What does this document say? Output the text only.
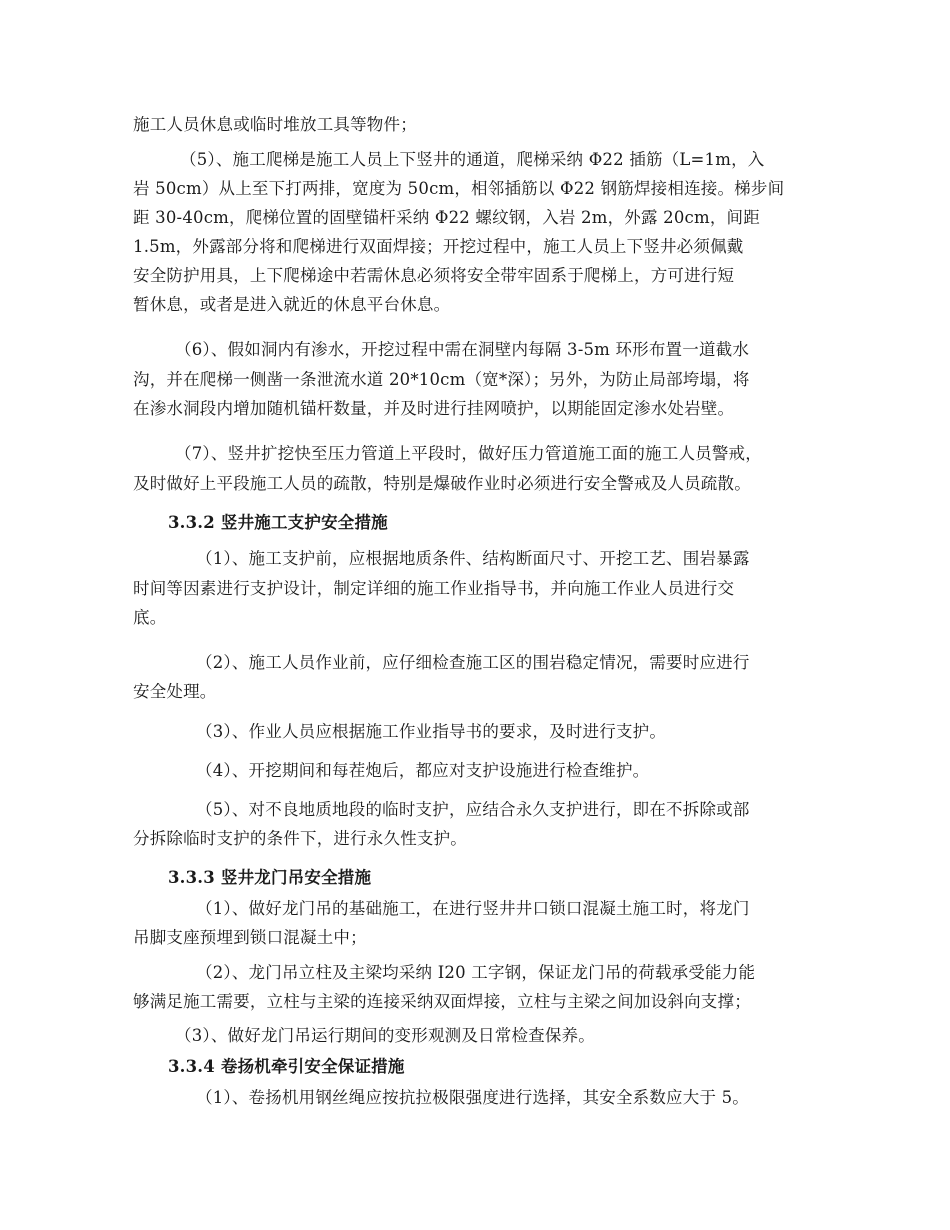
施工人员休息或临时堆放工具等物件；
（5）、施工爬梯是施工人员上下竖井的通道，爬梯采纳 Φ22 插筋（L=1m，入
岩 50cm）从上至下打两排，宽度为 50cm，相邻插筋以 Φ22 钢筋焊接相连接。梯步间
距 30-40cm，爬梯位置的固壁锚杆采纳 Φ22 螺纹钢，入岩 2m，外露 20cm，间距
1.5m，外露部分将和爬梯进行双面焊接；开挖过程中，施工人员上下竖井必须佩戴
安全防护用具，上下爬梯途中若需休息必须将安全带牢固系于爬梯上，方可进行短
暂休息，或者是进入就近的休息平台休息。
（6）、假如洞内有渗水，开挖过程中需在洞壁内每隔 3-5m 环形布置一道截水
沟，并在爬梯一侧凿一条泄流水道 20*10cm（宽*深）；另外，为防止局部垮塌，将
在渗水洞段内增加随机锚杆数量，并及时进行挂网喷护，以期能固定渗水处岩壁。
（7）、竖井扩挖快至压力管道上平段时，做好压力管道施工面的施工人员警戒，
及时做好上平段施工人员的疏散，特别是爆破作业时必须进行安全警戒及人员疏散。
3.3.2 竖井施工支护安全措施
（1）、施工支护前，应根据地质条件、结构断面尺寸、开挖工艺、围岩暴露
时间等因素进行支护设计，制定详细的施工作业指导书，并向施工作业人员进行交
底。
（2）、施工人员作业前，应仔细检查施工区的围岩稳定情况，需要时应进行
安全处理。
（3）、作业人员应根据施工作业指导书的要求，及时进行支护。
（4）、开挖期间和每茬炮后，都应对支护设施进行检查维护。
（5）、对不良地质地段的临时支护，应结合永久支护进行，即在不拆除或部
分拆除临时支护的条件下，进行永久性支护。
3.3.3 竖井龙门吊安全措施
（1）、做好龙门吊的基础施工，在进行竖井井口锁口混凝土施工时，将龙门
吊脚支座预埋到锁口混凝土中；
（2）、龙门吊立柱及主梁均采纳 I20 工字钢，保证龙门吊的荷载承受能力能
够满足施工需要，立柱与主梁的连接采纳双面焊接，立柱与主梁之间加设斜向支撑；
（3）、做好龙门吊运行期间的变形观测及日常检查保养。
3.3.4 卷扬机牵引安全保证措施
（1）、卷扬机用钢丝绳应按抗拉极限强度进行选择，其安全系数应大于 5。
